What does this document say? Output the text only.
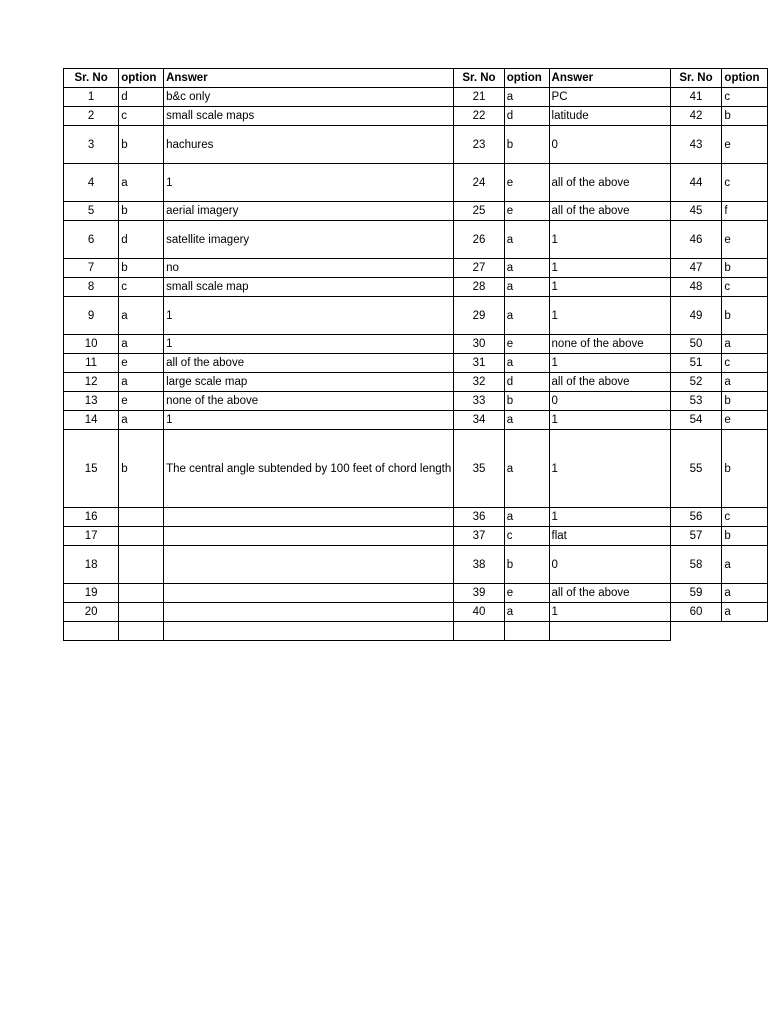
Sr. No	option	Answer	Sr. No	option	Answer	Sr. No	option
1	d	b&c only	21	a	PC	41	c
2	c	small scale maps	22	d	latitude	42	b
3	b	hachures	23	b	0	43	e
4	a	1	24	e	all of the above	44	c
5	b	aerial imagery	25	e	all of the above	45	f
6	d	satellite imagery	26	a	1	46	e
7	b	no	27	a	1	47	b
8	c	small scale map	28	a	1	48	c
9	a	1	29	a	1	49	b
10	a	1	30	e	none of the above	50	a
11	e	all of the above	31	a	1	51	c
12	a	large scale map	32	d	all of the above	52	a
13	e	none of the above	33	b	0	53	b
14	a	1	34	a	1	54	e
15	b	The central angle subtended by 100 feet of chord length	35	a	1	55	b
16			36	a	1	56	c
17			37	c	flat	57	b
18			38	b	0	58	a
19			39	e	all of the above	59	a
20			40	a	1	60	a
